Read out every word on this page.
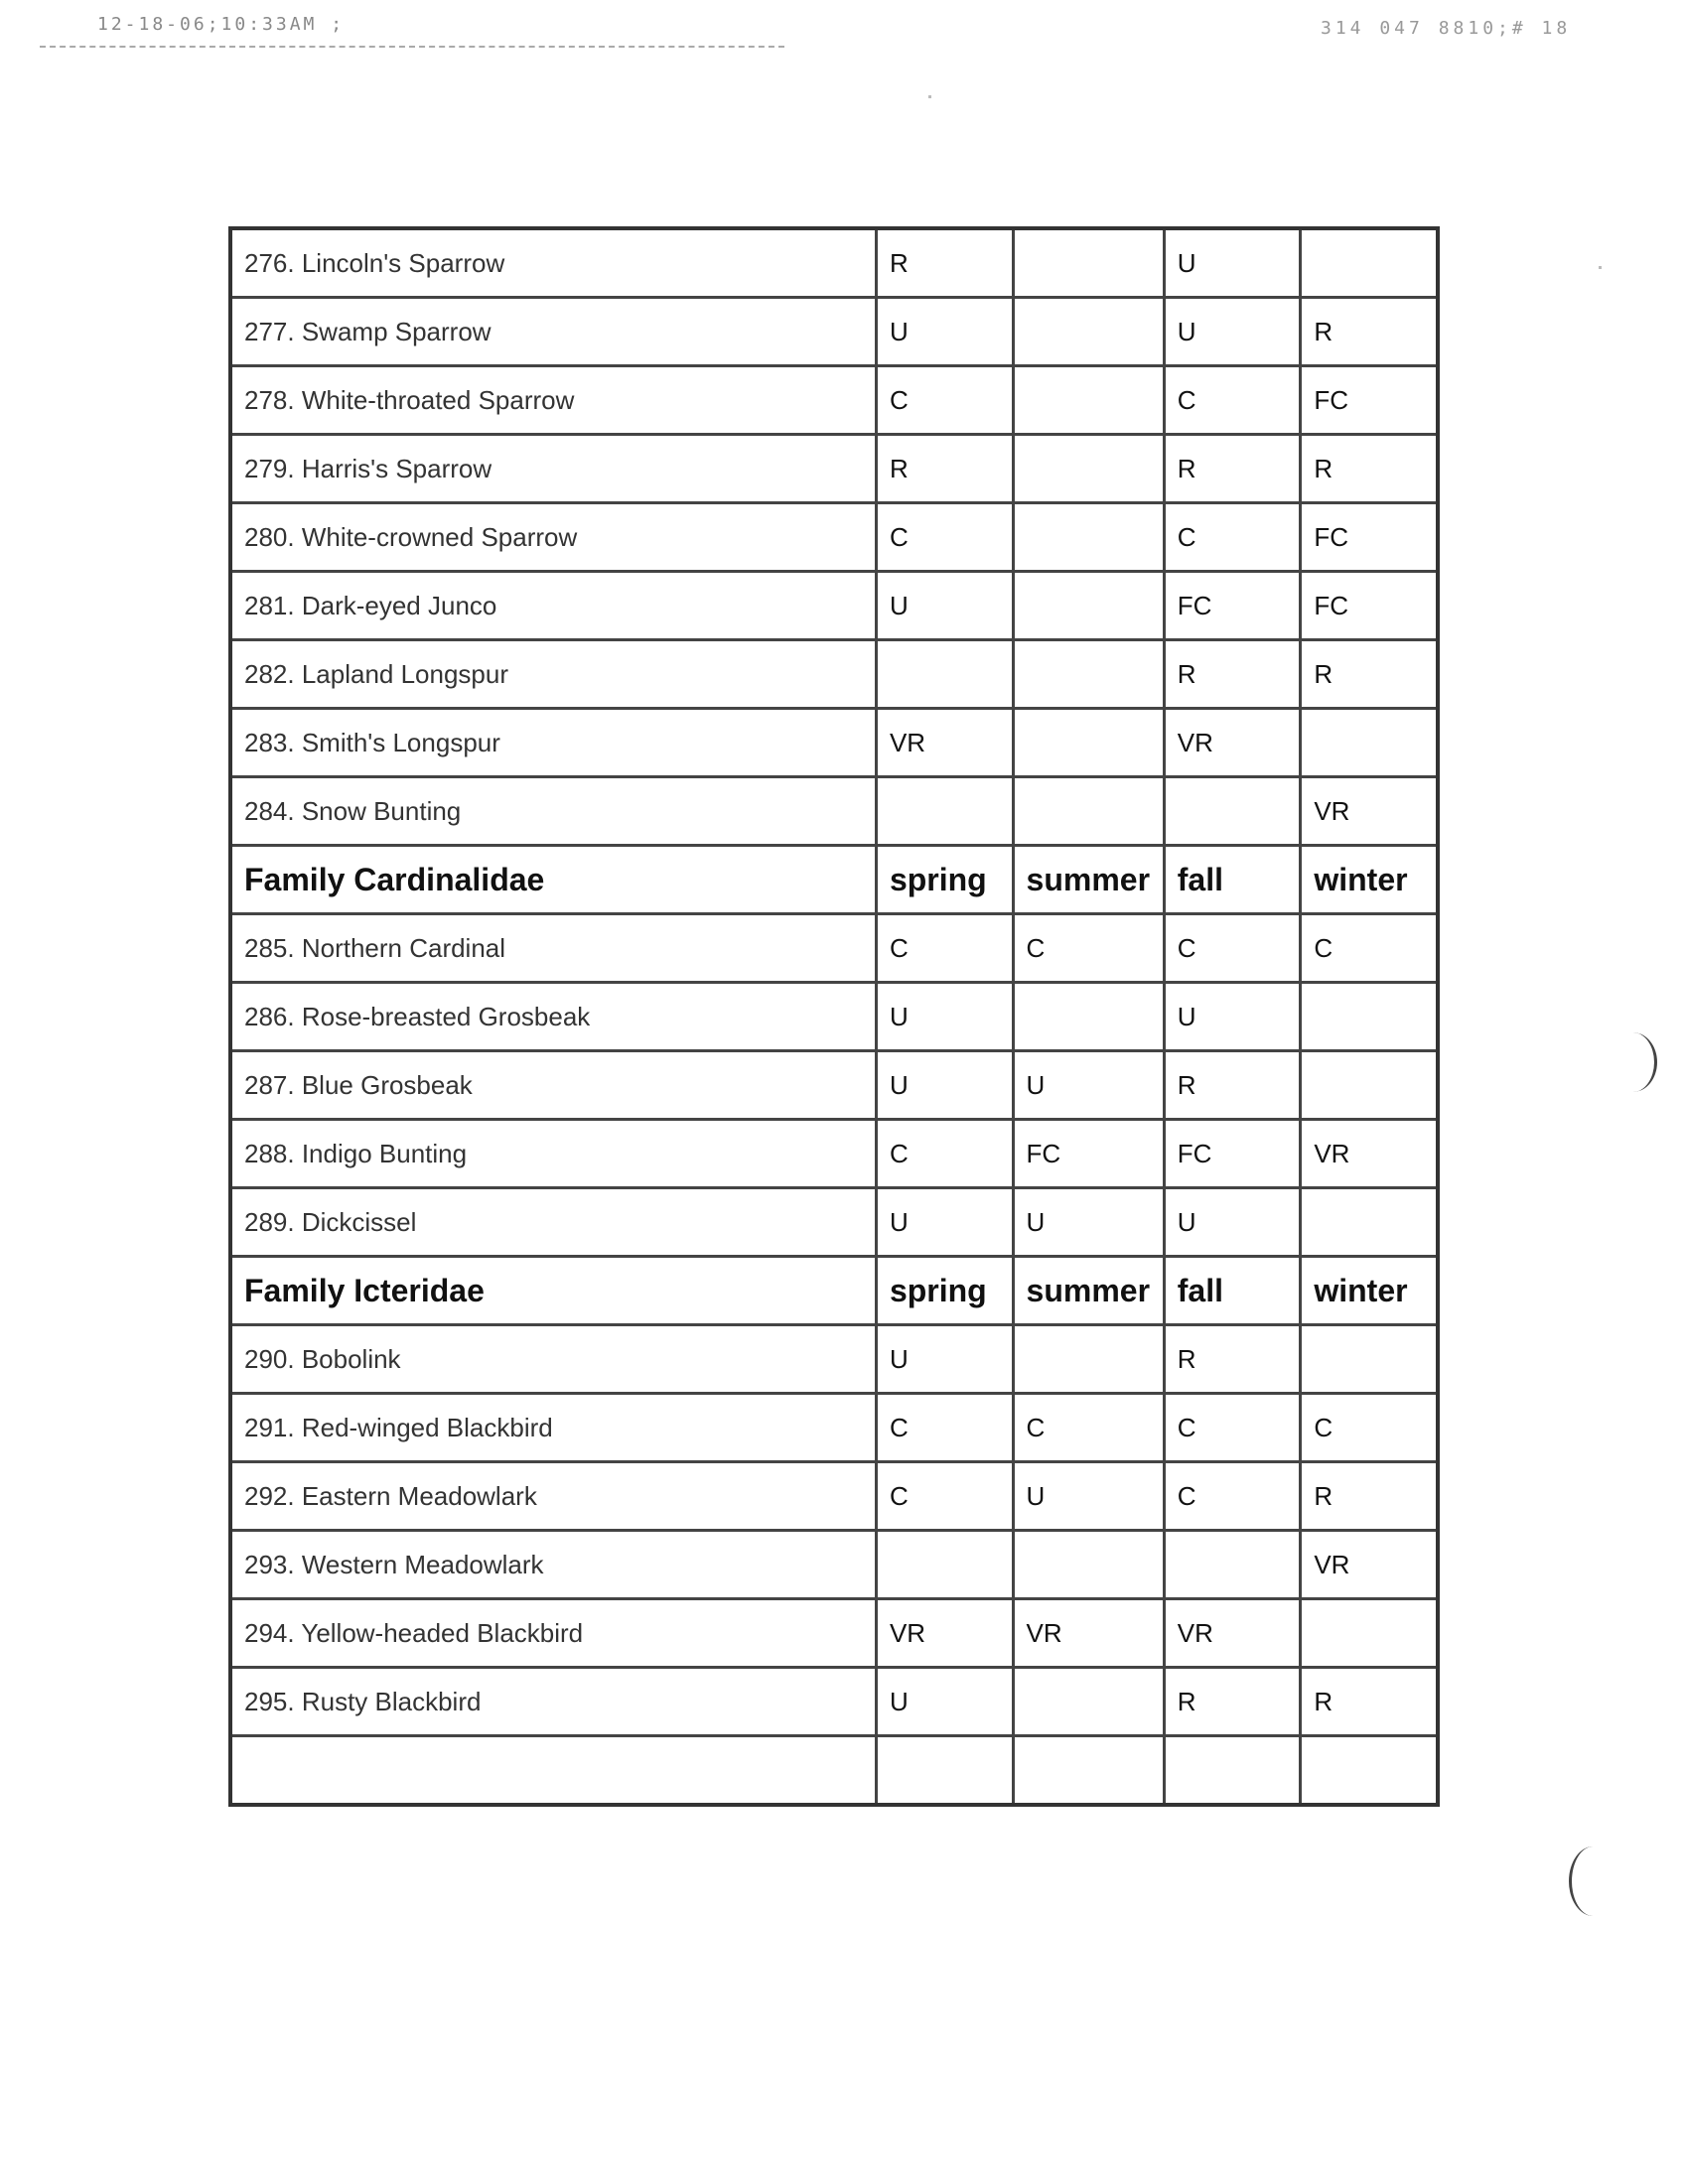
12-18-06;10:33AM ;	314 047 8810;# 18
276. Lincoln's Sparrow	R		U	
277. Swamp Sparrow	U		U	R
278. White-throated Sparrow	C		C	FC
279. Harris's Sparrow	R		R	R
280. White-crowned Sparrow	C		C	FC
281. Dark-eyed Junco	U		FC	FC
282. Lapland Longspur			R	R
283. Smith's Longspur	VR		VR	
284. Snow Bunting				VR
Family Cardinalidae	spring	summer	fall	winter
285. Northern Cardinal	C	C	C	C
286. Rose-breasted Grosbeak	U		U	
287. Blue Grosbeak	U	U	R	
288. Indigo Bunting	C	FC	FC	VR
289. Dickcissel	U	U	U	
Family Icteridae	spring	summer	fall	winter
290. Bobolink	U		R	
291. Red-winged Blackbird	C	C	C	C
292. Eastern Meadowlark	C	U	C	R
293. Western Meadowlark				VR
294. Yellow-headed Blackbird	VR	VR	VR	
295. Rusty Blackbird	U		R	R
